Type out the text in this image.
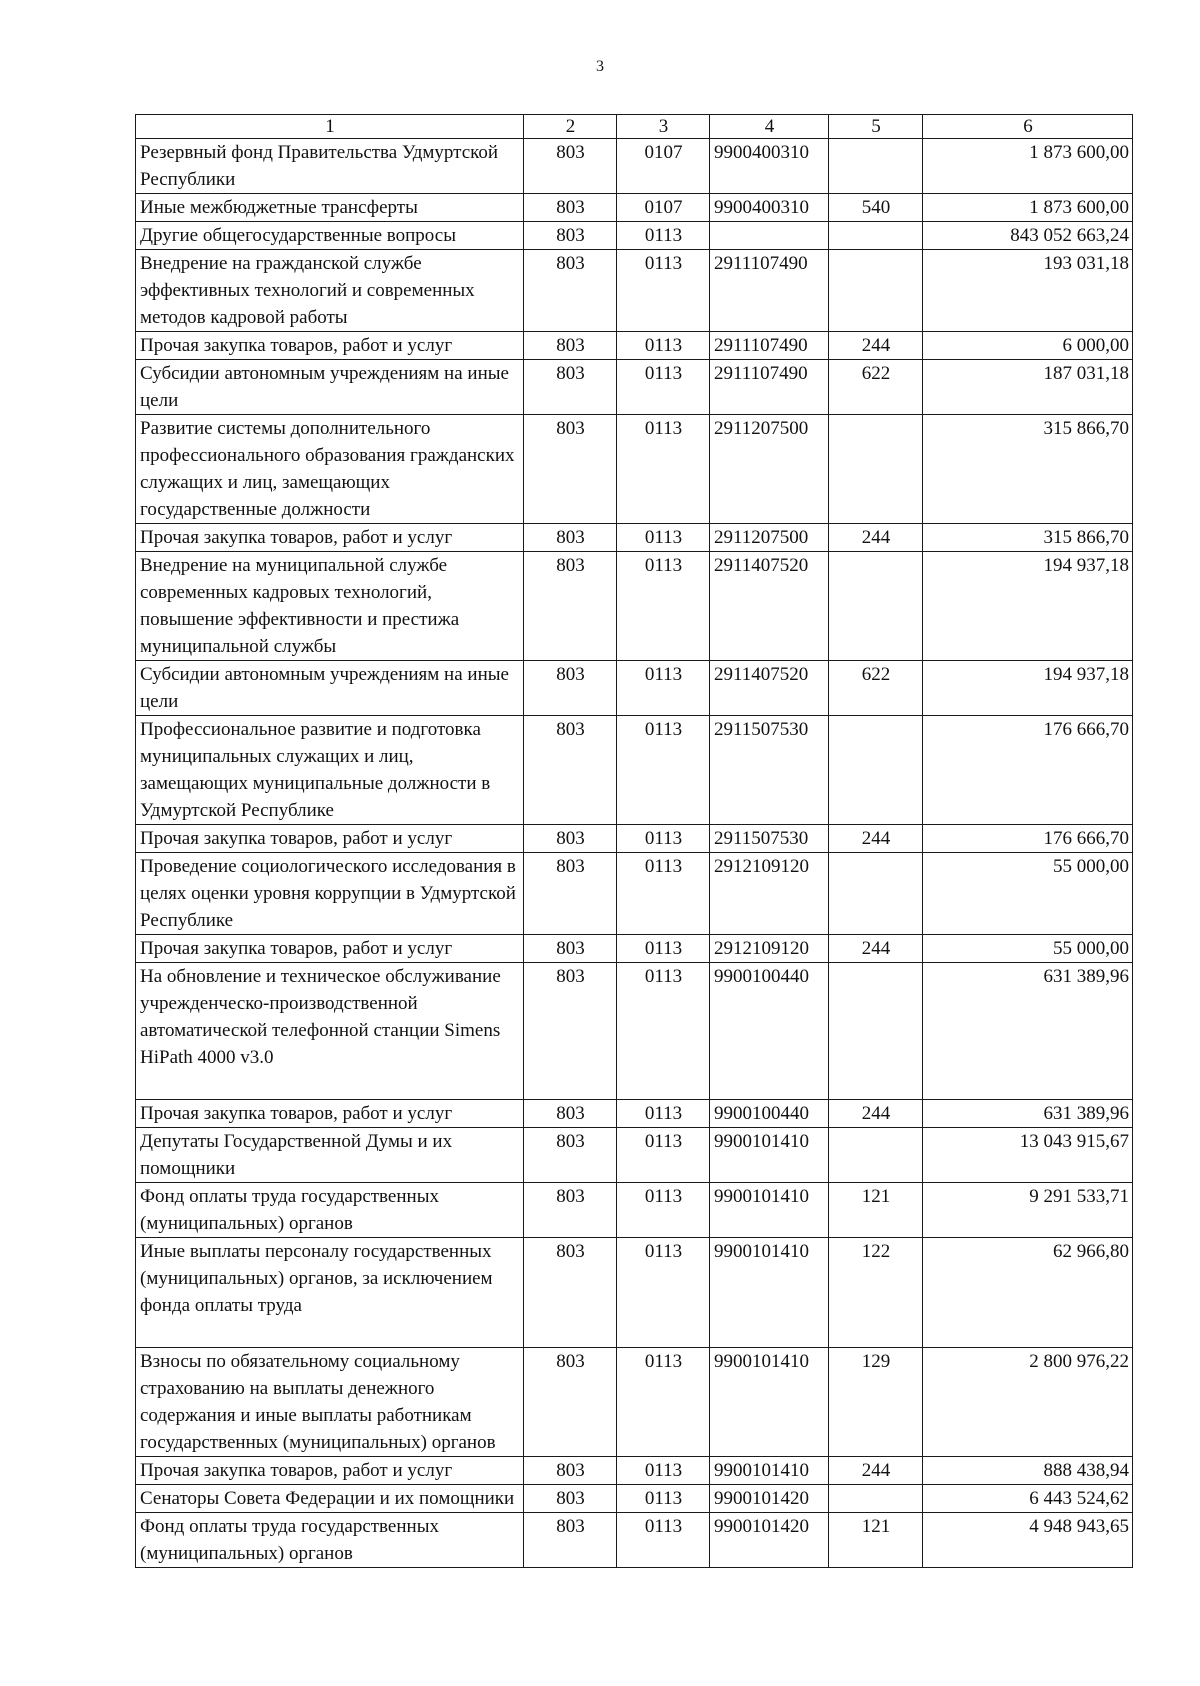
3
1	2	3	4	5	6
Резервный фонд Правительства Удмуртской Республики	803	0107	9900400310		1 873 600,00
Иные межбюджетные трансферты	803	0107	9900400310	540	1 873 600,00
Другие общегосударственные вопросы	803	0113			843 052 663,24
Внедрение на гражданской службе эффективных технологий и современных методов кадровой работы	803	0113	2911107490		193 031,18
Прочая закупка товаров, работ и услуг	803	0113	2911107490	244	6 000,00
Субсидии автономным учреждениям на иные цели	803	0113	2911107490	622	187 031,18
Развитие системы дополнительного профессионального образования гражданских служащих и лиц, замещающих государственные должности	803	0113	2911207500		315 866,70
Прочая закупка товаров, работ и услуг	803	0113	2911207500	244	315 866,70
Внедрение на муниципальной службе современных кадровых технологий, повышение эффективности и престижа муниципальной службы	803	0113	2911407520		194 937,18
Субсидии автономным учреждениям на иные цели	803	0113	2911407520	622	194 937,18
Профессиональное развитие и подготовка муниципальных служащих и лиц, замещающих муниципальные должности в Удмуртской Республике	803	0113	2911507530		176 666,70
Прочая закупка товаров, работ и услуг	803	0113	2911507530	244	176 666,70
Проведение социологического исследования в целях оценки уровня коррупции в Удмуртской Республике	803	0113	2912109120		55 000,00
Прочая закупка товаров, работ и услуг	803	0113	2912109120	244	55 000,00
На обновление и техническое обслуживание учрежденческо-производственной автоматической телефонной станции Simens HiPath 4000 v3.0	803	0113	9900100440		631 389,96
Прочая закупка товаров, работ и услуг	803	0113	9900100440	244	631 389,96
Депутаты Государственной Думы и их помощники	803	0113	9900101410		13 043 915,67
Фонд оплаты труда государственных (муниципальных) органов	803	0113	9900101410	121	9 291 533,71
Иные выплаты персоналу государственных (муниципальных) органов, за исключением фонда оплаты труда	803	0113	9900101410	122	62 966,80
Взносы по обязательному социальному страхованию на выплаты денежного содержания и иные выплаты работникам государственных (муниципальных) органов	803	0113	9900101410	129	2 800 976,22
Прочая закупка товаров, работ и услуг	803	0113	9900101410	244	888 438,94
Сенаторы Совета Федерации и их помощники	803	0113	9900101420		6 443 524,62
Фонд оплаты труда государственных (муниципальных) органов	803	0113	9900101420	121	4 948 943,65
